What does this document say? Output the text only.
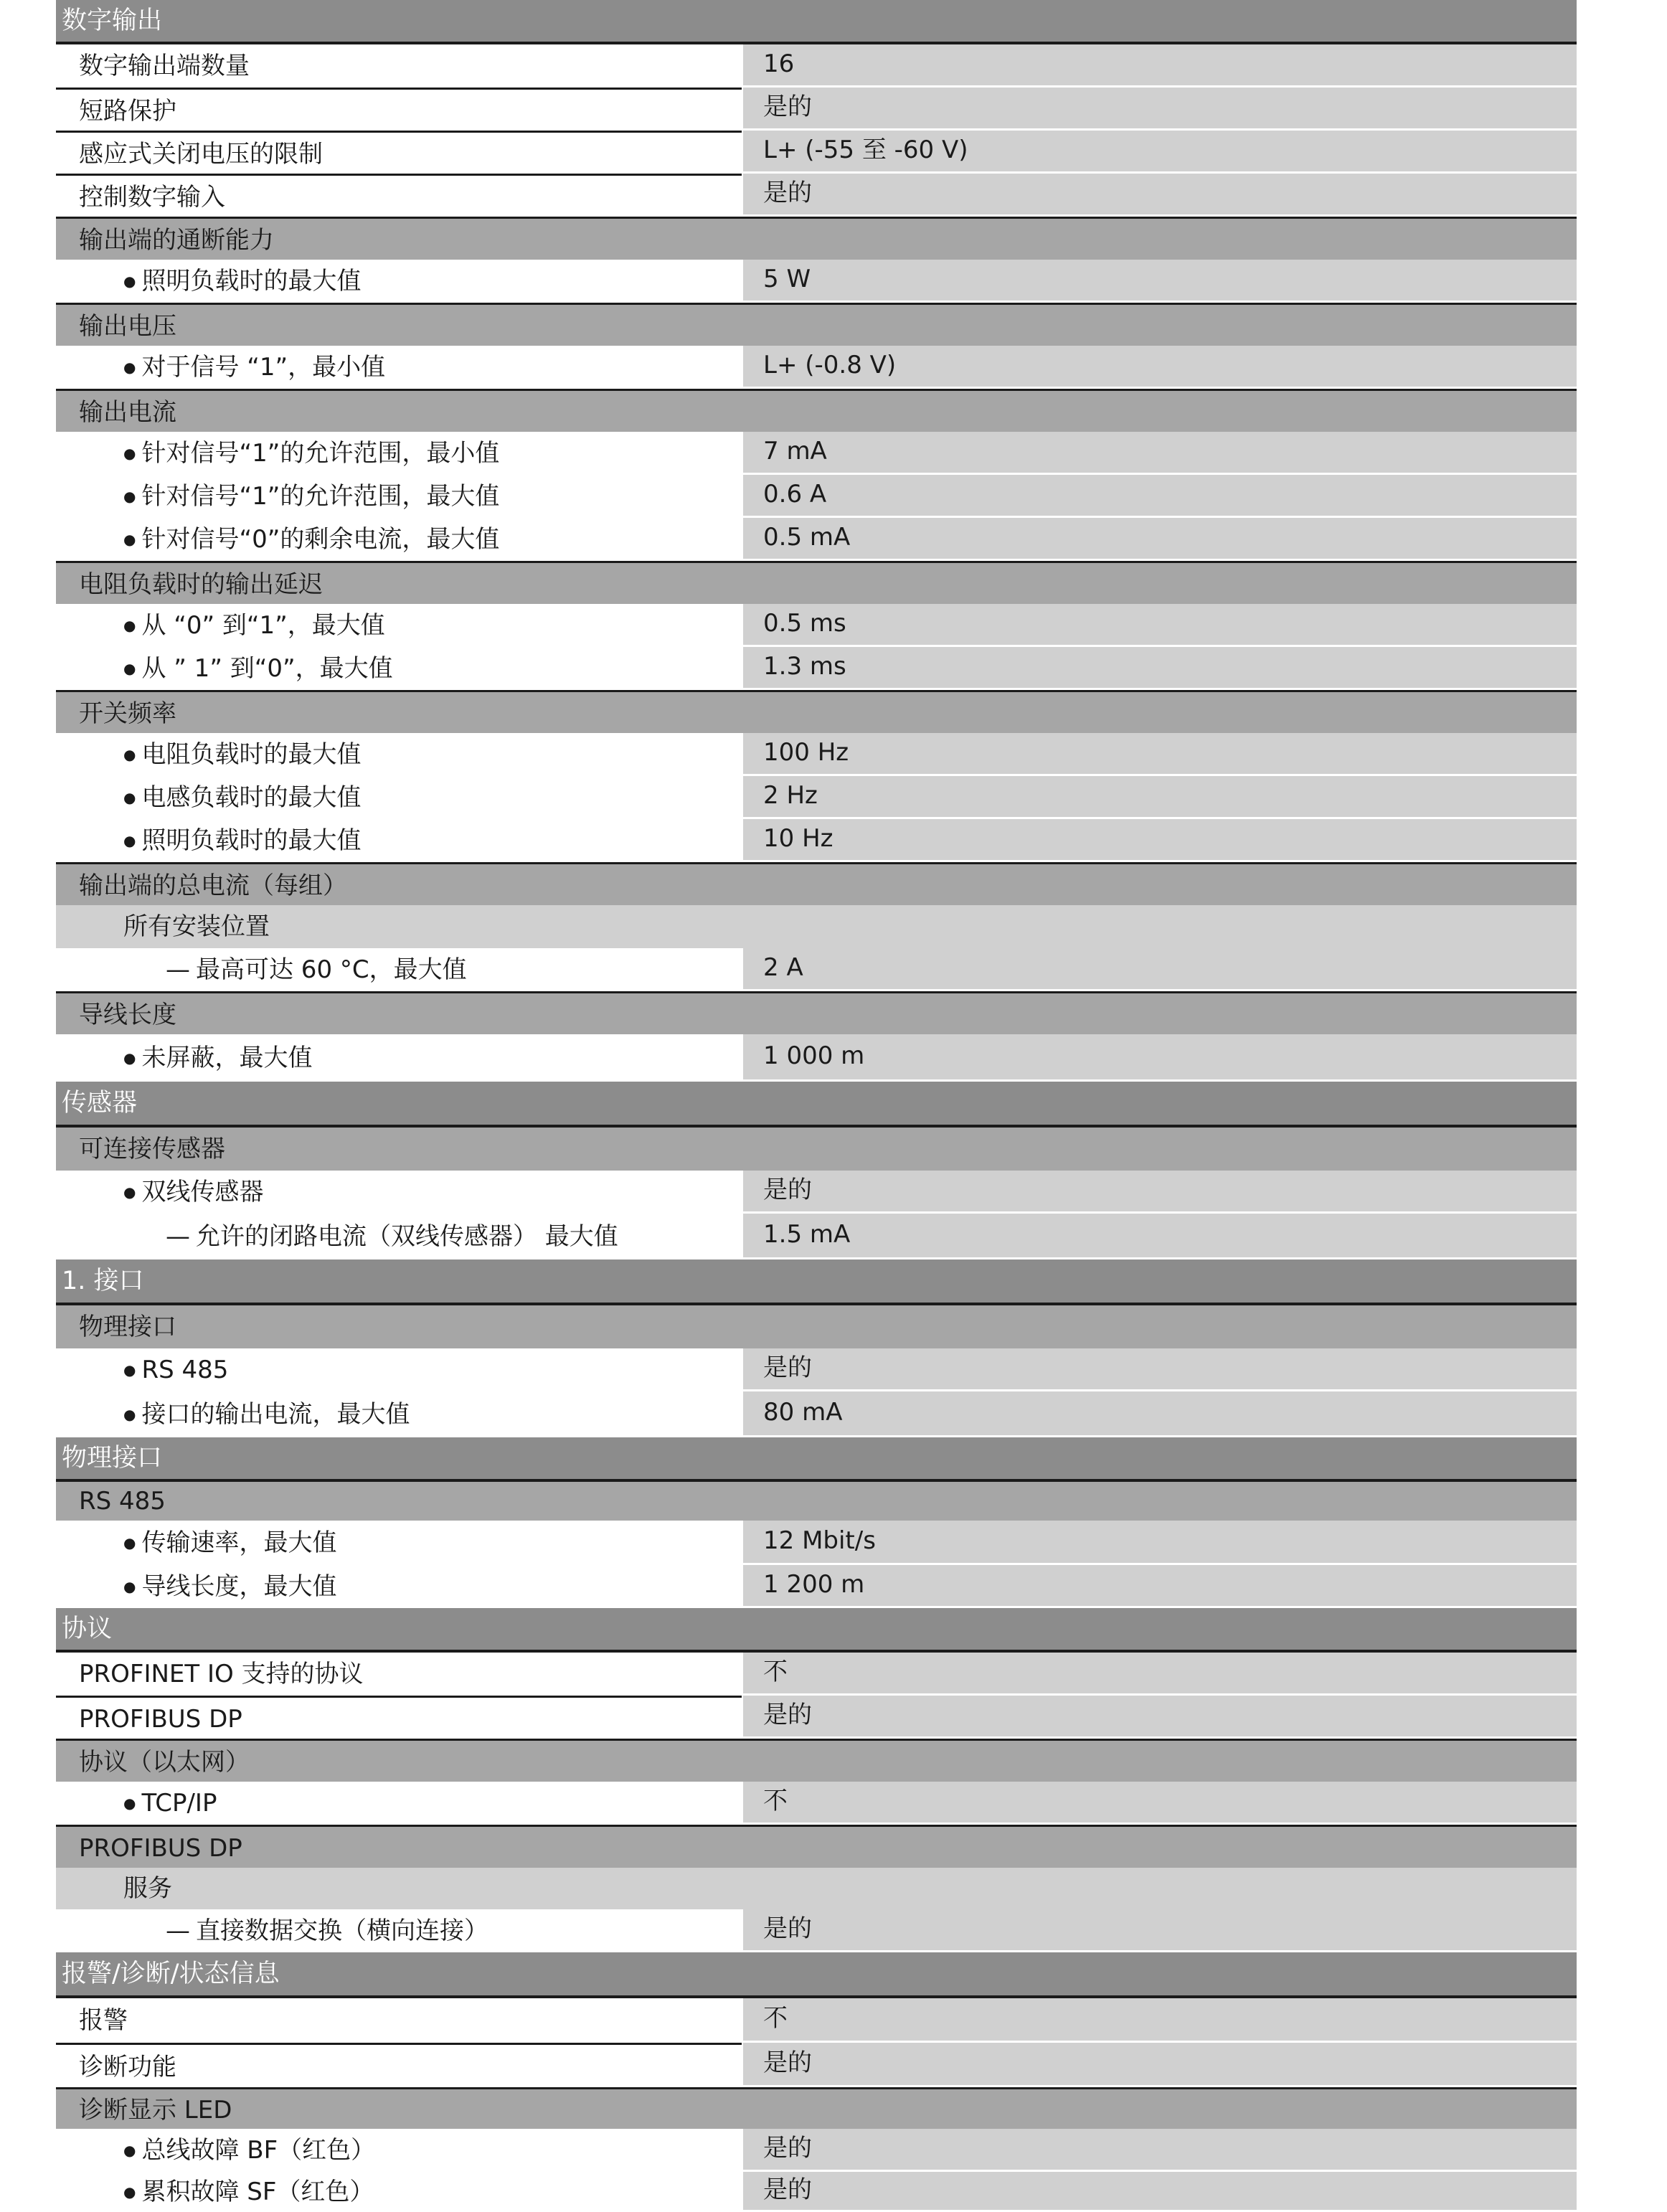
数字输出
数字输出端数量	16
短路保护	是的
感应式关闭电压的限制	L+ (-55 至 -60 V)
控制数字输入	是的
输出端的通断能力
● 照明负载时的最大值	5 W
输出电压
● 对于信号 “1”，最小值	L+ (-0.8 V)
输出电流
● 针对信号“1”的允许范围，最小值	7 mA
● 针对信号“1”的允许范围，最大值	0.6 A
● 针对信号“0”的剩余电流，最大值	0.5 mA
电阻负载时的输出延迟
● 从 “0” 到“1”，最大值	0.5 ms
● 从 ” 1” 到“0”，最大值	1.3 ms
开关频率
● 电阻负载时的最大值	100 Hz
● 电感负载时的最大值	2 Hz
● 照明负载时的最大值	10 Hz
输出端的总电流（每组）
所有安装位置
— 最高可达 60 °C，最大值	2 A
导线长度
● 未屏蔽，最大值	1 000 m
传感器
可连接传感器
● 双线传感器	是的
— 允许的闭路电流（双线传感器） 最大值	1.5 mA
1. 接口
物理接口
● RS 485	是的
● 接口的输出电流，最大值	80 mA
物理接口
RS 485
● 传输速率，最大值	12 Mbit/s
● 导线长度，最大值	1 200 m
协议
PROFINET IO 支持的协议	不
PROFIBUS DP	是的
协议（以太网）
● TCP/IP	不
PROFIBUS DP
服务
— 直接数据交换（横向连接）	是的
报警/诊断/状态信息
报警	不
诊断功能	是的
诊断显示 LED
● 总线故障 BF（红色）	是的
● 累积故障 SF（红色）	是的
